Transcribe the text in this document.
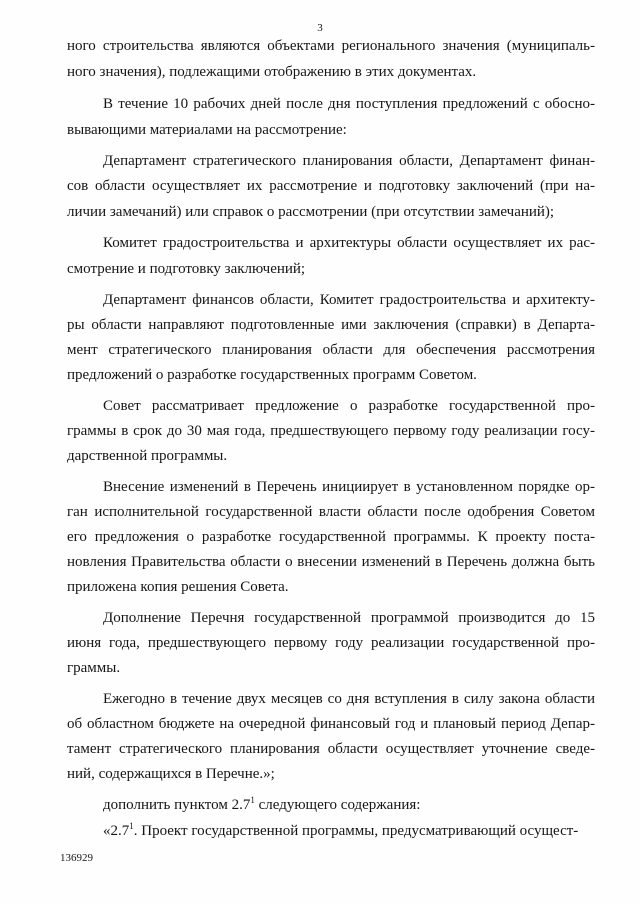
3
ного строительства являются объектами регионального значения (муниципаль-
ного значения), подлежащими отображению в этих документах.
В течение 10 рабочих дней после дня поступления предложений с обосно-
вывающими материалами на рассмотрение:
Департамент стратегического планирования области, Департамент финан-
сов области осуществляет их рассмотрение и подготовку заключений (при на-
личии замечаний) или справок о рассмотрении (при отсутствии замечаний);
Комитет градостроительства и архитектуры области осуществляет их рас-
смотрение и подготовку заключений;
Департамент финансов области, Комитет градостроительства и архитекту-
ры области направляют подготовленные ими заключения (справки) в Департа-
мент стратегического планирования области для обеспечения рассмотрения
предложений о разработке государственных программ Советом.
Совет рассматривает предложение о разработке государственной про-
граммы в срок до 30 мая года, предшествующего первому году реализации госу-
дарственной программы.
Внесение изменений в Перечень инициирует в установленном порядке ор-
ган исполнительной государственной власти области после одобрения Советом
его предложения о разработке государственной программы. К проекту поста-
новления Правительства области о внесении изменений в Перечень должна быть
приложена копия решения Совета.
Дополнение Перечня государственной программой производится до 15
июня года, предшествующего первому году реализации государственной про-
граммы.
Ежегодно в течение двух месяцев со дня вступления в силу закона области
об областном бюджете на очередной финансовый год и плановый период Депар-
тамент стратегического планирования области осуществляет уточнение сведе-
ний, содержащихся в Перечне.»;
дополнить пунктом $2.7^1$ следующего содержания:
«$2.7^1$. Проект государственной программы, предусматривающий осущест-
136929
